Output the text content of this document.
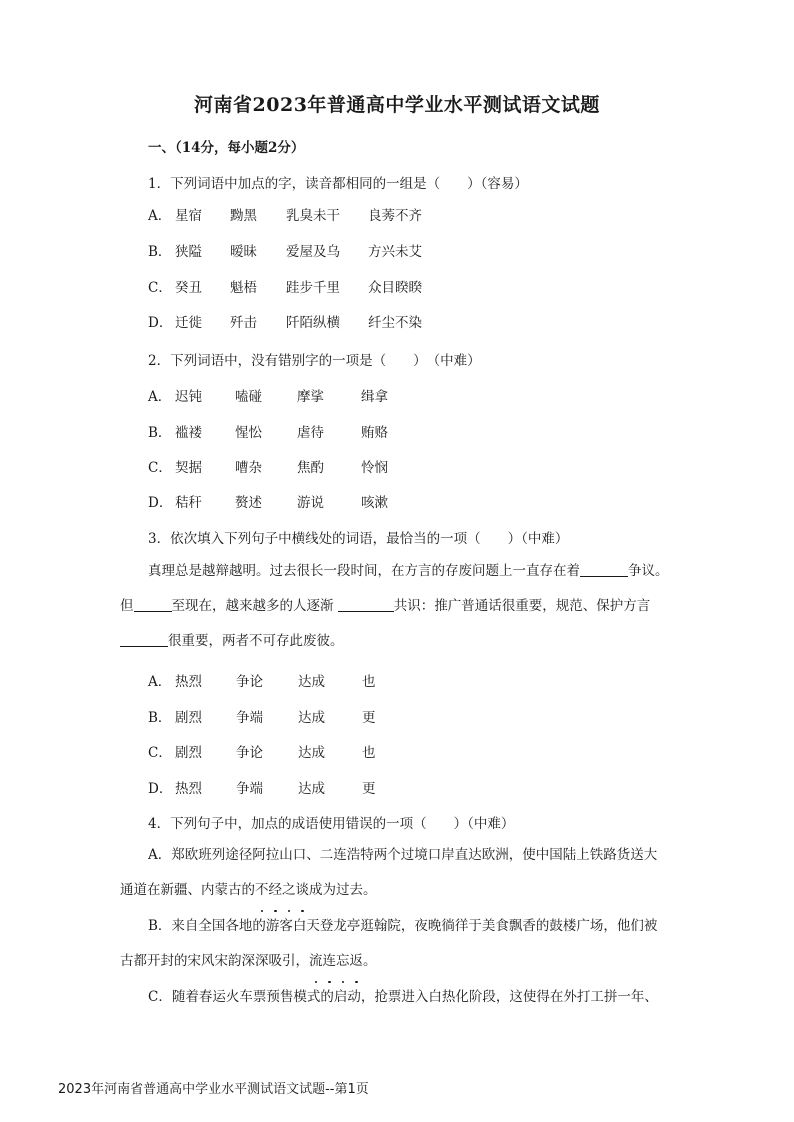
河南省2023年普通高中学业水平测试语文试题
一、（14分，每小题2分）
1．下列词语中加点的字，读音都相同的一组是（　　）（容易）
A． 星宿 黝黑 乳臭未干 良莠不齐
B． 狭隘 暧昧 爱屋及乌 方兴未艾
C． 癸丑 魁梧 跬步千里 众目睽睽
D． 迁徙 歼击 阡陌纵横 纤尘不染
2．下列词语中，没有错别字的一项是（　　）　（中难）
A． 迟钝 嗑碰	摩挲	缉拿
B． 褴褛 惺忪	虐待	贿赂
C． 契据 嘈杂	焦酌	怜悯
D． 秸秆 赘述	游说	咳漱
3．依次填入下列句子中横线处的词语，最恰当的一项（　　）（中难）
真理总是越辩越明。过去很长一段时间，在方言的存废问题上一直存在着	争议。
但	至现在，越来越多的人逐渐	共识：推广普通话很重要，规范、保护方言
很重要，两者不可存此废彼。
A． 热烈	争论	达成	也
B． 剧烈	争端	达成	更
C． 剧烈	争论	达成	也
D． 热烈	争端	达成	更
4．下列句子中，加点的成语使用错误的一项（　　）（中难）
A．郑欧班列途径阿拉山口、二连浩特两个过境口岸直达欧洲，使中国陆上铁路货送大
通道在新疆、内蒙古的不经之谈成为过去。
B．来自全国各地的游客白天登龙亭逛翰院，夜晚徜徉于美食飘香的鼓楼广场，他们被
古都开封的宋风宋韵深深吸引，流连忘返。
C．随着春运火车票预售模式的启动，抢票进入白热化阶段，这使得在外打工拼一年、
2023年河南省普通高中学业水平测试语文试题--第1页
